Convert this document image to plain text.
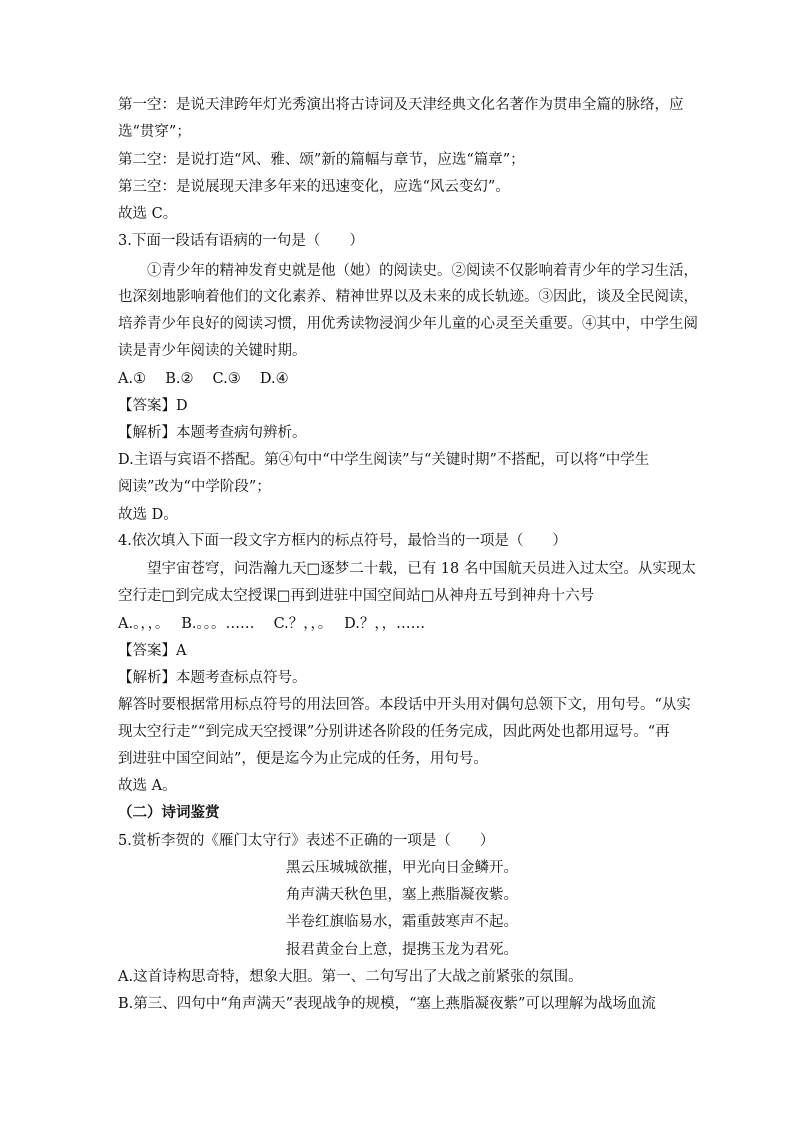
第一空：是说天津跨年灯光秀演出将古诗词及天津经典文化名著作为贯串全篇的脉络，应
选“贯穿”；
第二空：是说打造“风、雅、颂”新的篇幅与章节，应选“篇章”；
第三空：是说展现天津多年来的迅速变化，应选“风云变幻”。
故选 C。
3.下面一段话有语病的一句是（　　）
①青少年的精神发育史就是他（她）的阅读史。②阅读不仅影响着青少年的学习生活，
也深刻地影响着他们的文化素养、精神世界以及未来的成长轨迹。③因此，谈及全民阅读，
培养青少年良好的阅读习惯，用优秀读物浸润少年儿童的心灵至关重要。④其中，中学生阅
读是青少年阅读的关键时期。
A.①　 B.②　 C.③　 D.④
【答案】D
【解析】本题考查病句辨析。
D.主语与宾语不搭配。第④句中“中学生阅读”与“关键时期”不搭配，可以将“中学生
阅读”改为“中学阶段”；
故选 D。
4.依次填入下面一段文字方框内的标点符号，最恰当的一项是（　　）
望宇宙苍穹，问浩瀚九天□逐梦二十载，已有 18 名中国航天员进入过太空。从实现太
空行走□到完成太空授课□再到进驻中国空间站□从神舟五号到神舟十六号
A.。，，。　 B.。。。……　 C.？，，。　 D.？，，……
【答案】A
【解析】本题考查标点符号。
解答时要根据常用标点符号的用法回答。本段话中开头用对偶句总领下文，用句号。“从实
现太空行走”“到完成天空授课”分别讲述各阶段的任务完成，因此两处也都用逗号。“再
到进驻中国空间站”，便是迄今为止完成的任务，用句号。
故选 A。
（二）诗词鉴赏
5.赏析李贺的《雁门太守行》表述不正确的一项是（　　）
黑云压城城欲摧，甲光向日金鳞开。
角声满天秋色里，塞上燕脂凝夜紫。
半卷红旗临易水，霜重鼓寒声不起。
报君黄金台上意，提携玉龙为君死。
A.这首诗构思奇特，想象大胆。第一、二句写出了大战之前紧张的氛围。
B.第三、四句中“角声满天”表现战争的规模，“塞上燕脂凝夜紫”可以理解为战场血流
